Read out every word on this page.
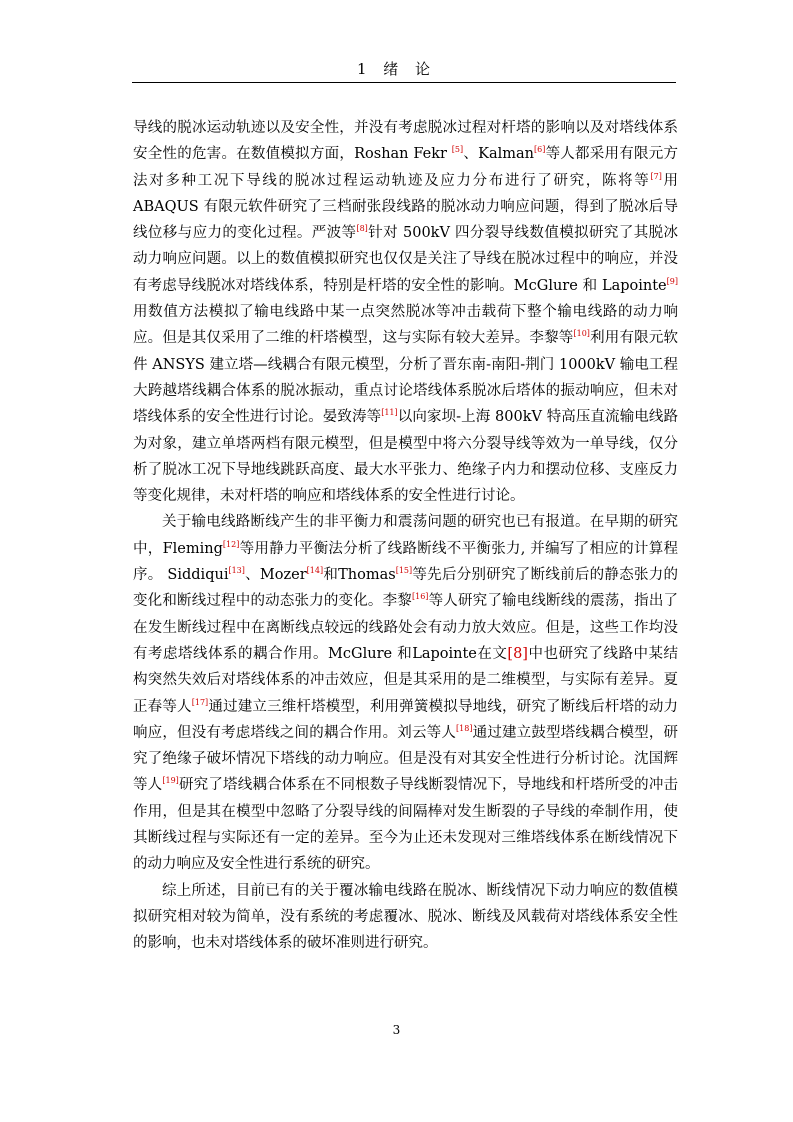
1 绪 论

导线的脱冰运动轨迹以及安全性，并没有考虑脱冰过程对杆塔的影响以及对塔线体系安全性的危害。在数值模拟方面，Roshan Fekr [5]、Kalman[6]等人都采用有限元方法对多种工况下导线的脱冰过程运动轨迹及应力分布进行了研究，陈将等[7]用 ABAQUS 有限元软件研究了三档耐张段线路的脱冰动力响应问题，得到了脱冰后导线位移与应力的变化过程。严波等[8]针对 500kV 四分裂导线数值模拟研究了其脱冰动力响应问题。以上的数值模拟研究也仅仅是关注了导线在脱冰过程中的响应，并没有考虑导线脱冰对塔线体系，特别是杆塔的安全性的影响。McGlure 和 Lapointe[9]用数值方法模拟了输电线路中某一点突然脱冰等冲击载荷下整个输电线路的动力响应。但是其仅采用了二维的杆塔模型，这与实际有较大差异。李黎等[10]利用有限元软件 ANSYS 建立塔—线耦合有限元模型，分析了晋东南-南阳-荆门 1000kV 输电工程大跨越塔线耦合体系的脱冰振动，重点讨论塔线体系脱冰后塔体的振动响应，但未对塔线体系的安全性进行讨论。晏致涛等[11]以向家坝-上海 800kV 特高压直流输电线路为对象，建立单塔两档有限元模型，但是模型中将六分裂导线等效为一单导线，仅分析了脱冰工况下导地线跳跃高度、最大水平张力、绝缘子内力和摆动位移、支座反力等变化规律，未对杆塔的响应和塔线体系的安全性进行讨论。

关于输电线路断线产生的非平衡力和震荡问题的研究也已有报道。在早期的研究中，Fleming[12]等用静力平衡法分析了线路断线不平衡张力, 并编写了相应的计算程序。 Siddiqui[13]、Mozer[14]和Thomas[15]等先后分别研究了断线前后的静态张力的变化和断线过程中的动态张力的变化。李黎[16]等人研究了输电线断线的震荡，指出了在发生断线过程中在离断线点较远的线路处会有动力放大效应。但是，这些工作均没有考虑塔线体系的耦合作用。McGlure 和Lapointe在文[8]中也研究了线路中某结构突然失效后对塔线体系的冲击效应，但是其采用的是二维模型，与实际有差异。夏正春等人[17]通过建立三维杆塔模型，利用弹簧模拟导地线，研究了断线后杆塔的动力响应，但没有考虑塔线之间的耦合作用。刘云等人[18]通过建立鼓型塔线耦合模型，研究了绝缘子破坏情况下塔线的动力响应。但是没有对其安全性进行分析讨论。沈国辉等人[19]研究了塔线耦合体系在不同根数子导线断裂情况下，导地线和杆塔所受的冲击作用，但是其在模型中忽略了分裂导线的间隔棒对发生断裂的子导线的牵制作用，使其断线过程与实际还有一定的差异。至今为止还未发现对三维塔线体系在断线情况下的动力响应及安全性进行系统的研究。

综上所述，目前已有的关于覆冰输电线路在脱冰、断线情况下动力响应的数值模拟研究相对较为简单，没有系统的考虑覆冰、脱冰、断线及风载荷对塔线体系安全性的影响，也未对塔线体系的破坏准则进行研究。

3
